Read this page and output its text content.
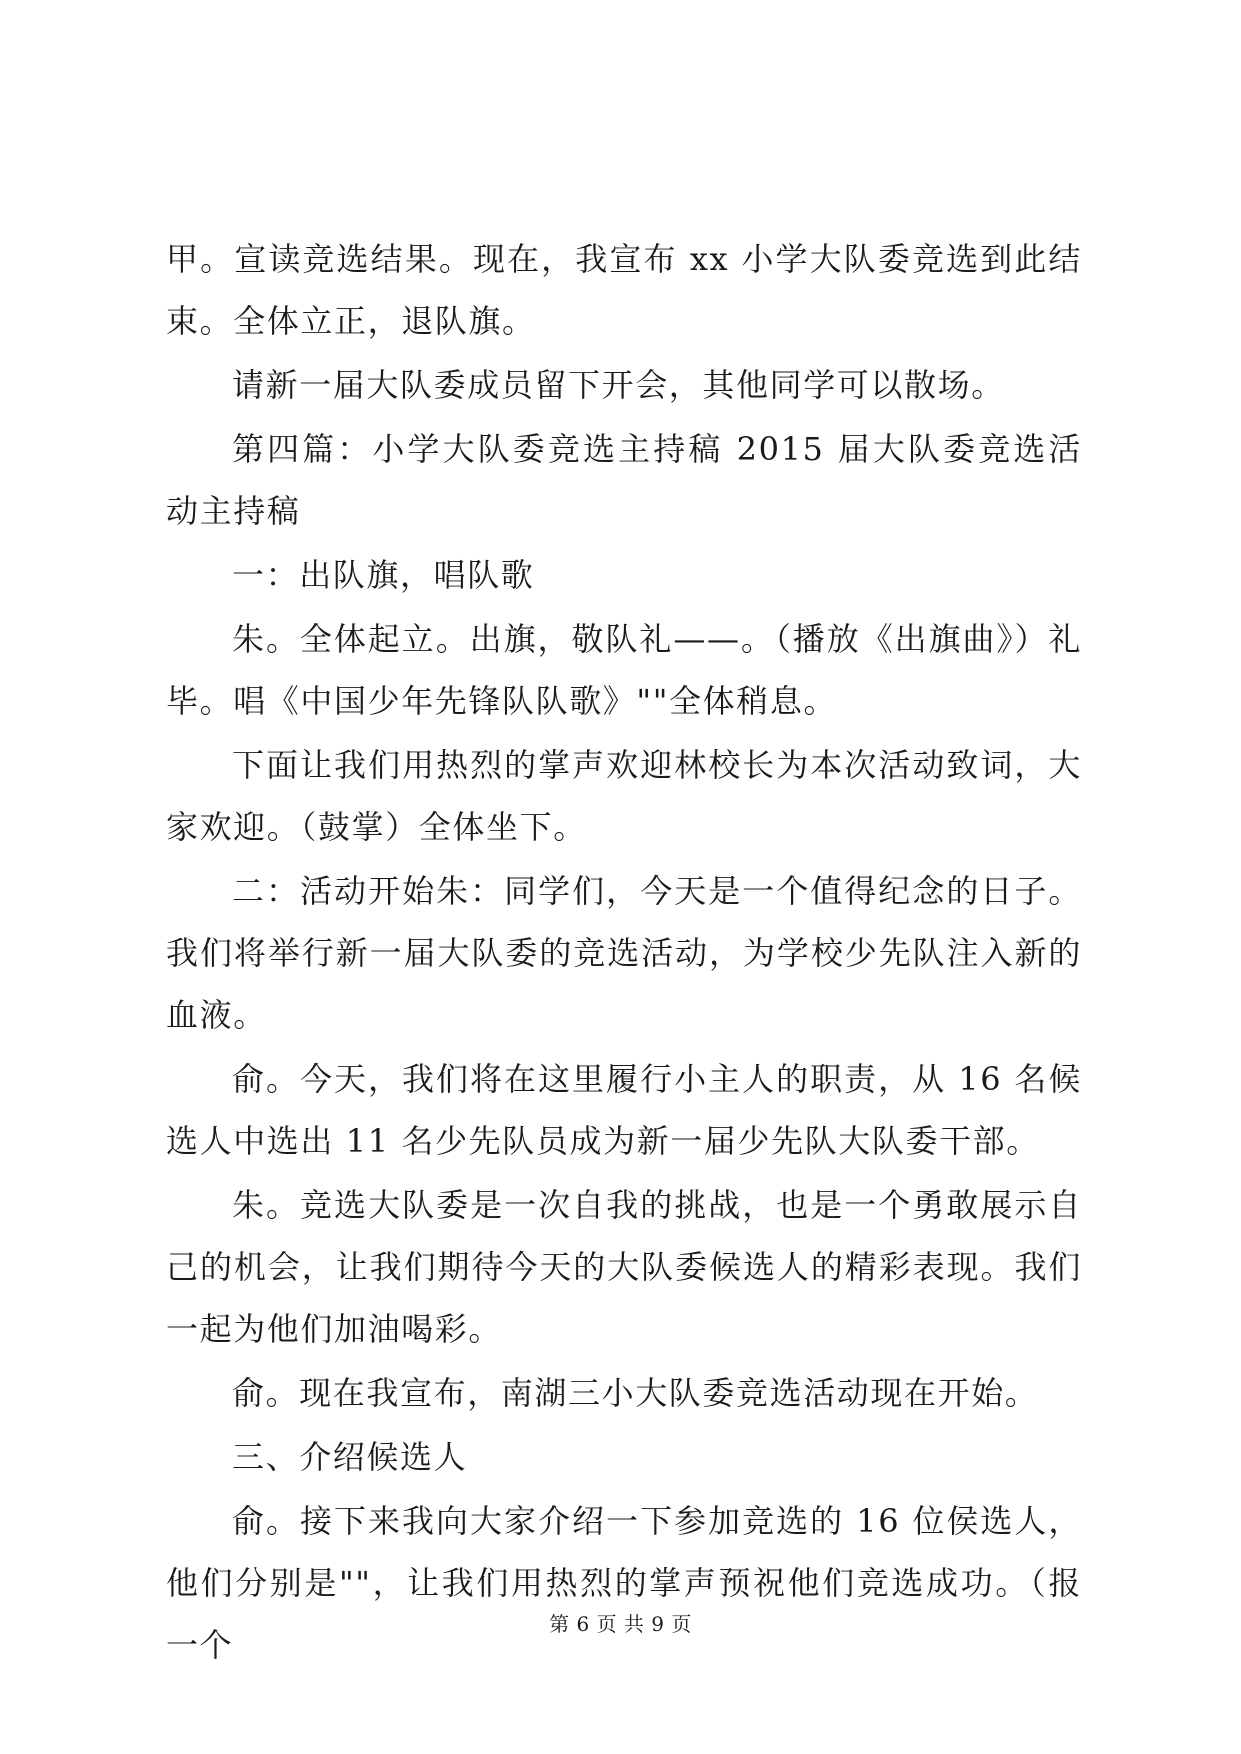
甲。宣读竞选结果。现在，我宣布 xx 小学大队委竞选到此结束。全体立正，退队旗。

请新一届大队委成员留下开会，其他同学可以散场。

第四篇：小学大队委竞选主持稿 2015 届大队委竞选活动主持稿

一：出队旗，唱队歌

朱。全体起立。出旗，敬队礼——。（播放《出旗曲》）礼毕。唱《中国少年先锋队队歌》""全体稍息。

下面让我们用热烈的掌声欢迎林校长为本次活动致词，大家欢迎。（鼓掌）全体坐下。

二：活动开始朱：同学们，今天是一个值得纪念的日子。我们将举行新一届大队委的竞选活动，为学校少先队注入新的血液。

俞。今天，我们将在这里履行小主人的职责，从 16 名候选人中选出 11 名少先队员成为新一届少先队大队委干部。

朱。竞选大队委是一次自我的挑战，也是一个勇敢展示自己的机会，让我们期待今天的大队委候选人的精彩表现。我们一起为他们加油喝彩。

俞。现在我宣布，南湖三小大队委竞选活动现在开始。

三、介绍候选人

俞。接下来我向大家介绍一下参加竞选的 16 位侯选人，他们分别是""，让我们用热烈的掌声预祝他们竞选成功。（报一个

第 6 页 共 9 页
